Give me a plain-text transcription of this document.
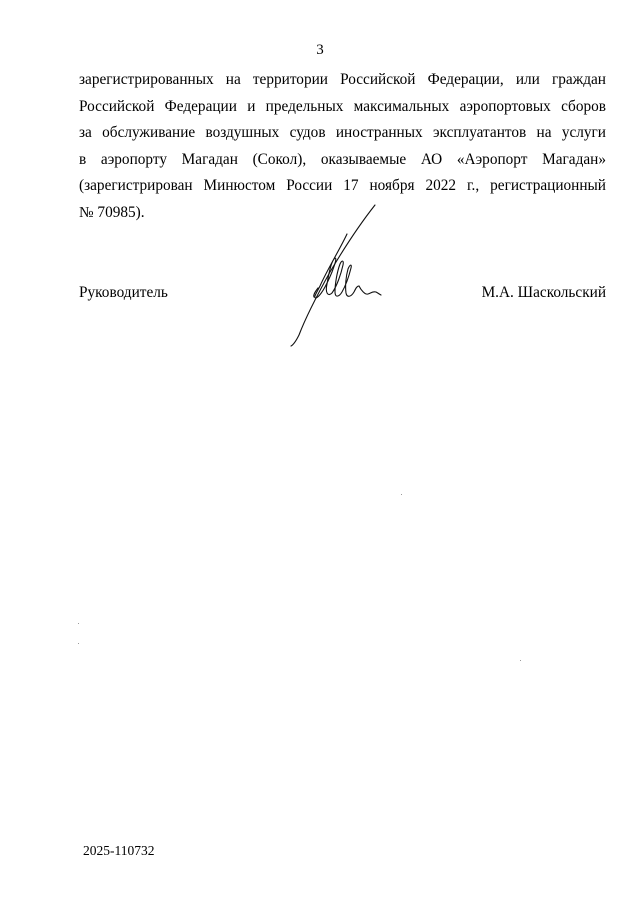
3
зарегистрированных на территории Российской Федерации, или граждан
Российской Федерации и предельных максимальных аэропортовых сборов
за обслуживание воздушных судов иностранных эксплуатантов на услуги
в аэропорту Магадан (Сокол), оказываемые АО «Аэропорт Магадан»
(зарегистрирован Минюстом России 17 ноября 2022 г., регистрационный
№ 70985).
Руководитель	М.А. Шаскольский
2025-110732
